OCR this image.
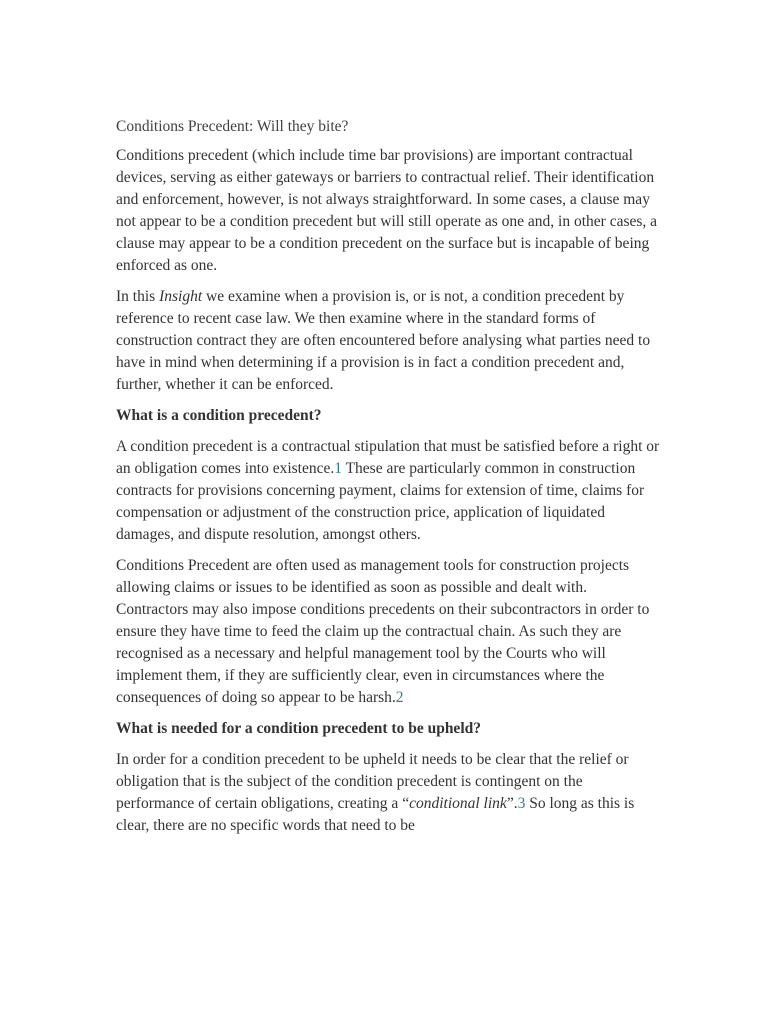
Conditions Precedent: Will they bite?

Conditions precedent (which include time bar provisions) are important contractual devices, serving as either gateways or barriers to contractual relief. Their identification and enforcement, however, is not always straightforward. In some cases, a clause may not appear to be a condition precedent but will still operate as one and, in other cases, a clause may appear to be a condition precedent on the surface but is incapable of being enforced as one.

In this Insight we examine when a provision is, or is not, a condition precedent by reference to recent case law. We then examine where in the standard forms of construction contract they are often encountered before analysing what parties need to have in mind when determining if a provision is in fact a condition precedent and, further, whether it can be enforced.

What is a condition precedent?

A condition precedent is a contractual stipulation that must be satisfied before a right or an obligation comes into existence.1 These are particularly common in construction contracts for provisions concerning payment, claims for extension of time, claims for compensation or adjustment of the construction price, application of liquidated damages, and dispute resolution, amongst others.

Conditions Precedent are often used as management tools for construction projects allowing claims or issues to be identified as soon as possible and dealt with. Contractors may also impose conditions precedents on their subcontractors in order to ensure they have time to feed the claim up the contractual chain. As such they are recognised as a necessary and helpful management tool by the Courts who will implement them, if they are sufficiently clear, even in circumstances where the consequences of doing so appear to be harsh.2

What is needed for a condition precedent to be upheld?

In order for a condition precedent to be upheld it needs to be clear that the relief or obligation that is the subject of the condition precedent is contingent on the performance of certain obligations, creating a “conditional link”.3 So long as this is clear, there are no specific words that need to be
